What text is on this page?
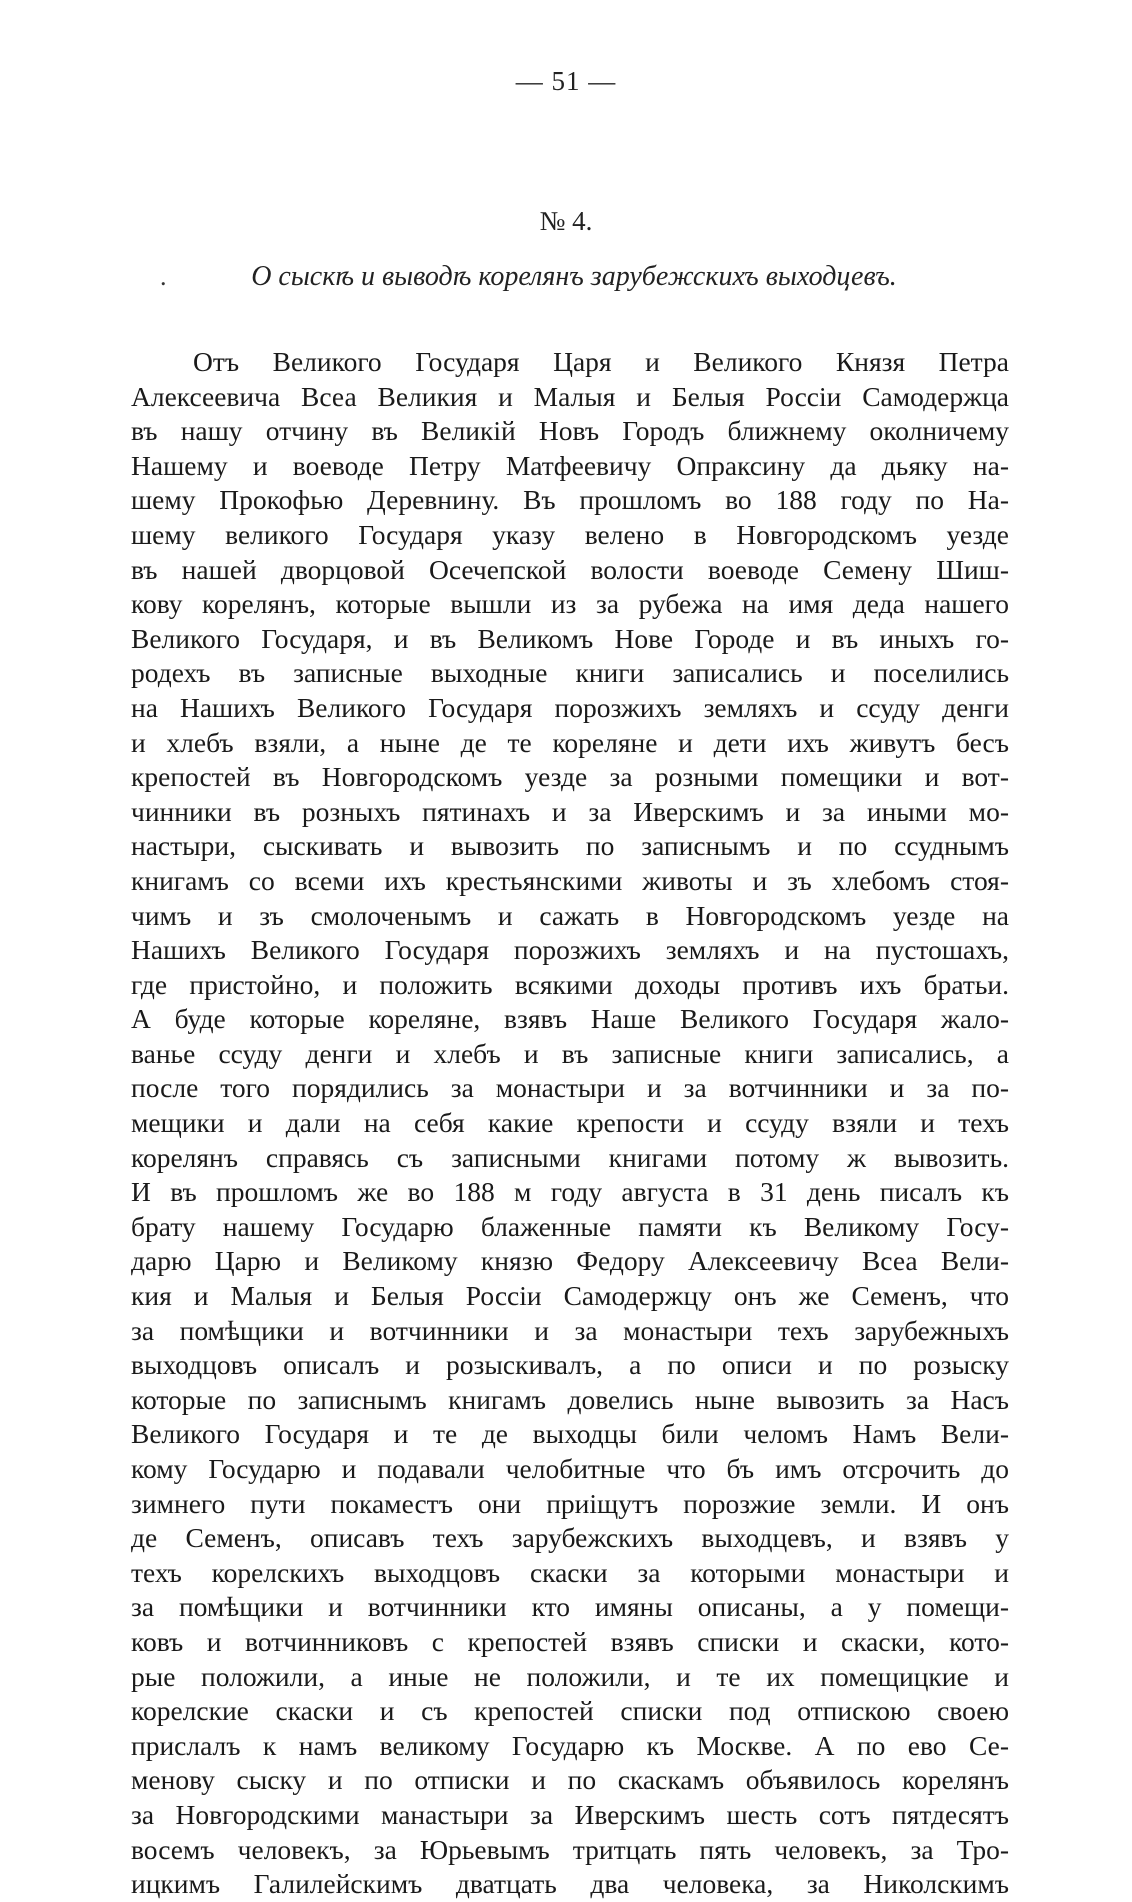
— 51 —
№ 4.
.	О сыскѣ и выводѣ корелянъ зарубежскихъ выходцевъ.
Отъ Великого Государя Царя и Великого Князя Петра
Алексеевича Всеа Великия и Малыя и Белыя Россіи Самодержца
въ нашу отчину въ Великій Новъ Городъ ближнему околничему
Нашему и воеводе Петру Матфеевичу Опраксину да дьяку на-
шему Прокофью Деревнину. Въ прошломъ во 188 году по На-
шему великого Государя указу велено в Новгородскомъ уезде
въ нашей дворцовой Осечепской волости воеводе Семену Шиш-
кову корелянъ, которые вышли из за рубежа на имя деда нашего
Великого Государя, и въ Великомъ Нове Городе и въ иныхъ го-
родехъ въ записные выходные книги записались и поселились
на Нашихъ Великого Государя порозжихъ земляхъ и ссуду денги
и хлебъ взяли, а ныне де те кореляне и дети ихъ живутъ бесъ
крепостей въ Новгородскомъ уезде за розными помещики и вот-
чинники въ розныхъ пятинахъ и за Иверскимъ и за иными мо-
настыри, сыскивать и вывозить по записнымъ и по ссуднымъ
книгамъ со всеми ихъ крестьянскими животы и зъ хлебомъ стоя-
чимъ и зъ смолоченымъ и сажать в Новгородскомъ уезде на
Нашихъ Великого Государя порозжихъ земляхъ и на пустошахъ,
где пристойно, и положить всякими доходы противъ ихъ братьи.
А буде которые кореляне, взявъ Наше Великого Государя жало-
ванье ссуду денги и хлебъ и въ записные книги записались, а
после того порядились за монастыри и за вотчинники и за по-
мещики и дали на себя какие крепости и ссуду взяли и техъ
корелянъ справясь съ записными книгами потому ж вывозить.
И въ прошломъ же во 188 м году августа в 31 день писалъ къ
брату нашему Государю блаженные памяти къ Великому Госу-
дарю Царю и Великому князю Федору Алексеевичу Всеа Вели-
кия и Малыя и Белыя Россіи Самодержцу онъ же Семенъ, что
за помѣщики и вотчинники и за монастыри техъ зарубежныхъ
выходцовъ описалъ и розыскивалъ, а по описи и по розыску
которые по записнымъ книгамъ довелись ныне вывозить за Насъ
Великого Государя и те де выходцы били челомъ Намъ Вели-
кому Государю и подавали челобитные что бъ имъ отсрочить до
зимнего пути покаместъ они приіщутъ порозжие земли. И онъ
де Семенъ, описавъ техъ зарубежскихъ выходцевъ, и взявъ у
техъ корелскихъ выходцовъ скаски за которыми монастыри и
за помѣщики и вотчинники кто имяны описаны, а у помещи-
ковъ и вотчинниковъ с крепостей взявъ списки и скаски, кото-
рые положили, а иные не положили, и те их помещицкие и
корелские скаски и съ крепостей списки под отпискою своею
прислалъ к намъ великому Государю къ Москве. А по ево Се-
менову сыску и по отписки и по скаскамъ объявилось корелянъ
за Новгородскими манастыри за Иверскимъ шесть сотъ пятдесятъ
восемъ человекъ, за Юрьевымъ тритцать пять человекъ, за Тро-
ицкимъ Галилейскимъ дватцать два человека, за Николскимъ
